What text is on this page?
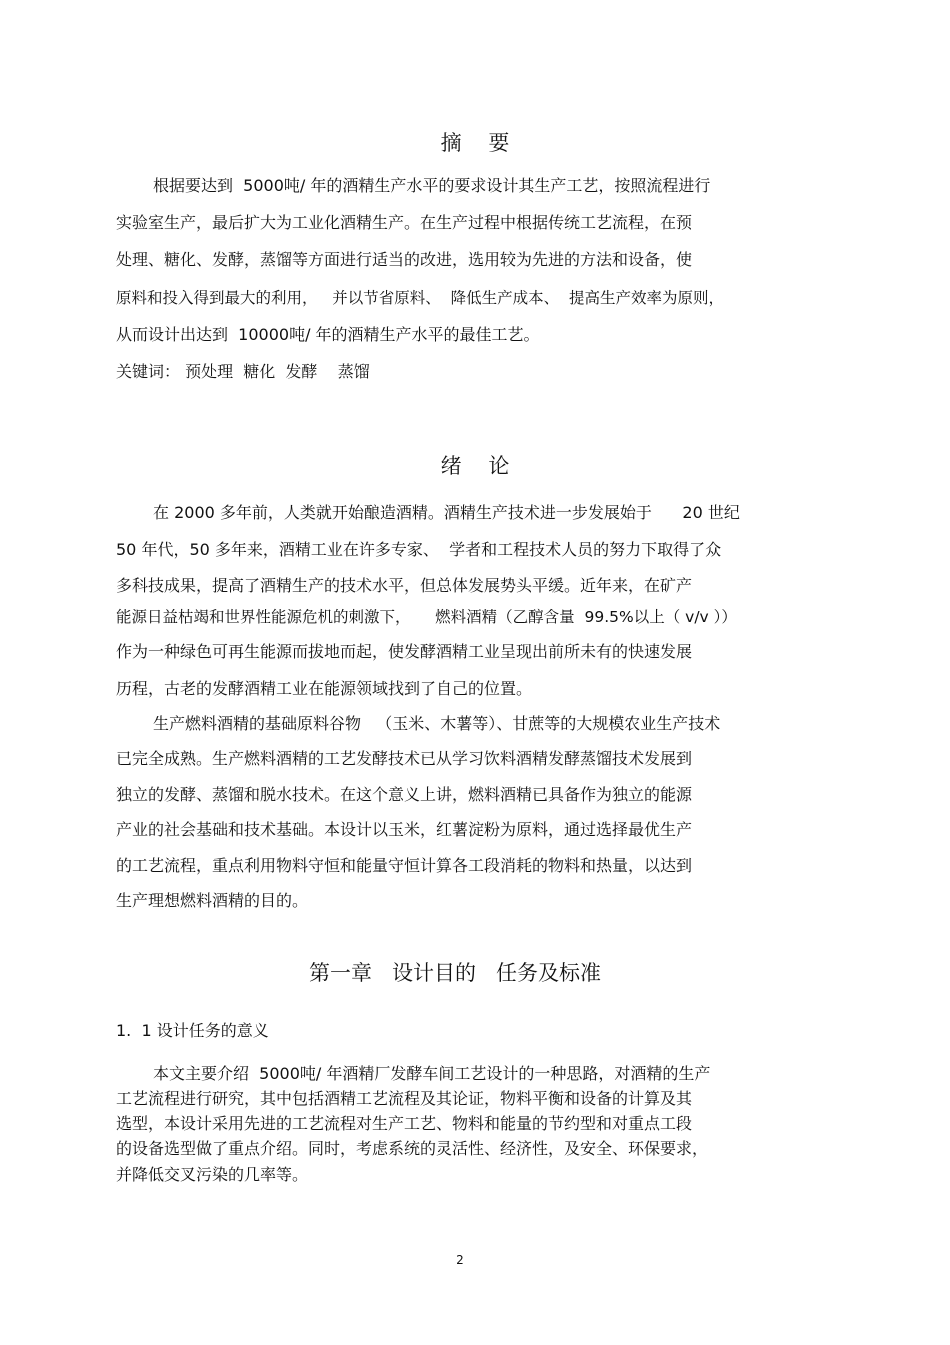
摘    要
根据要达到  5000吨/ 年的酒精生产水平的要求设计其生产工艺，按照流程进行
实验室生产，最后扩大为工业化酒精生产。在生产过程中根据传统工艺流程，在预
处理、糖化、发酵，蒸馏等方面进行适当的改进，选用较为先进的方法和设备，使
原料和投入得到最大的利用，   并以节省原料、  降低生产成本、  提高生产效率为原则，
从而设计出达到  10000吨/ 年的酒精生产水平的最佳工艺。
关键词： 预处理  糖化  发酵    蒸馏
绪    论
在 2000 多年前，人类就开始酿造酒精。酒精生产技术进一步发展始于      20 世纪
50 年代，50 多年来，酒精工业在许多专家、  学者和工程技术人员的努力下取得了众
多科技成果，提高了酒精生产的技术水平，但总体发展势头平缓。近年来，在矿产
能源日益枯竭和世界性能源危机的刺激下，     燃料酒精（乙醇含量  99.5%以上（ v/v ））
作为一种绿色可再生能源而拔地而起，使发酵酒精工业呈现出前所未有的快速发展
历程，古老的发酵酒精工业在能源领域找到了自己的位置。
生产燃料酒精的基础原料谷物   （玉米、木薯等）、甘蔗等的大规模农业生产技术
已完全成熟。生产燃料酒精的工艺发酵技术已从学习饮料酒精发酵蒸馏技术发展到
独立的发酵、蒸馏和脱水技术。在这个意义上讲，燃料酒精已具备作为独立的能源
产业的社会基础和技术基础。本设计以玉米，红薯淀粉为原料，通过选择最优生产
的工艺流程，重点利用物料守恒和能量守恒计算各工段消耗的物料和热量，以达到
生产理想燃料酒精的目的。
第一章   设计目的   任务及标准
1.  1 设计任务的意义
本文主要介绍  5000吨/ 年酒精厂发酵车间工艺设计的一种思路，对酒精的生产
工艺流程进行研究，其中包括酒精工艺流程及其论证，物料平衡和设备的计算及其
选型，本设计采用先进的工艺流程对生产工艺、物料和能量的节约型和对重点工段
的设备选型做了重点介绍。同时，考虑系统的灵活性、经济性，及安全、环保要求，
并降低交叉污染的几率等。
2
